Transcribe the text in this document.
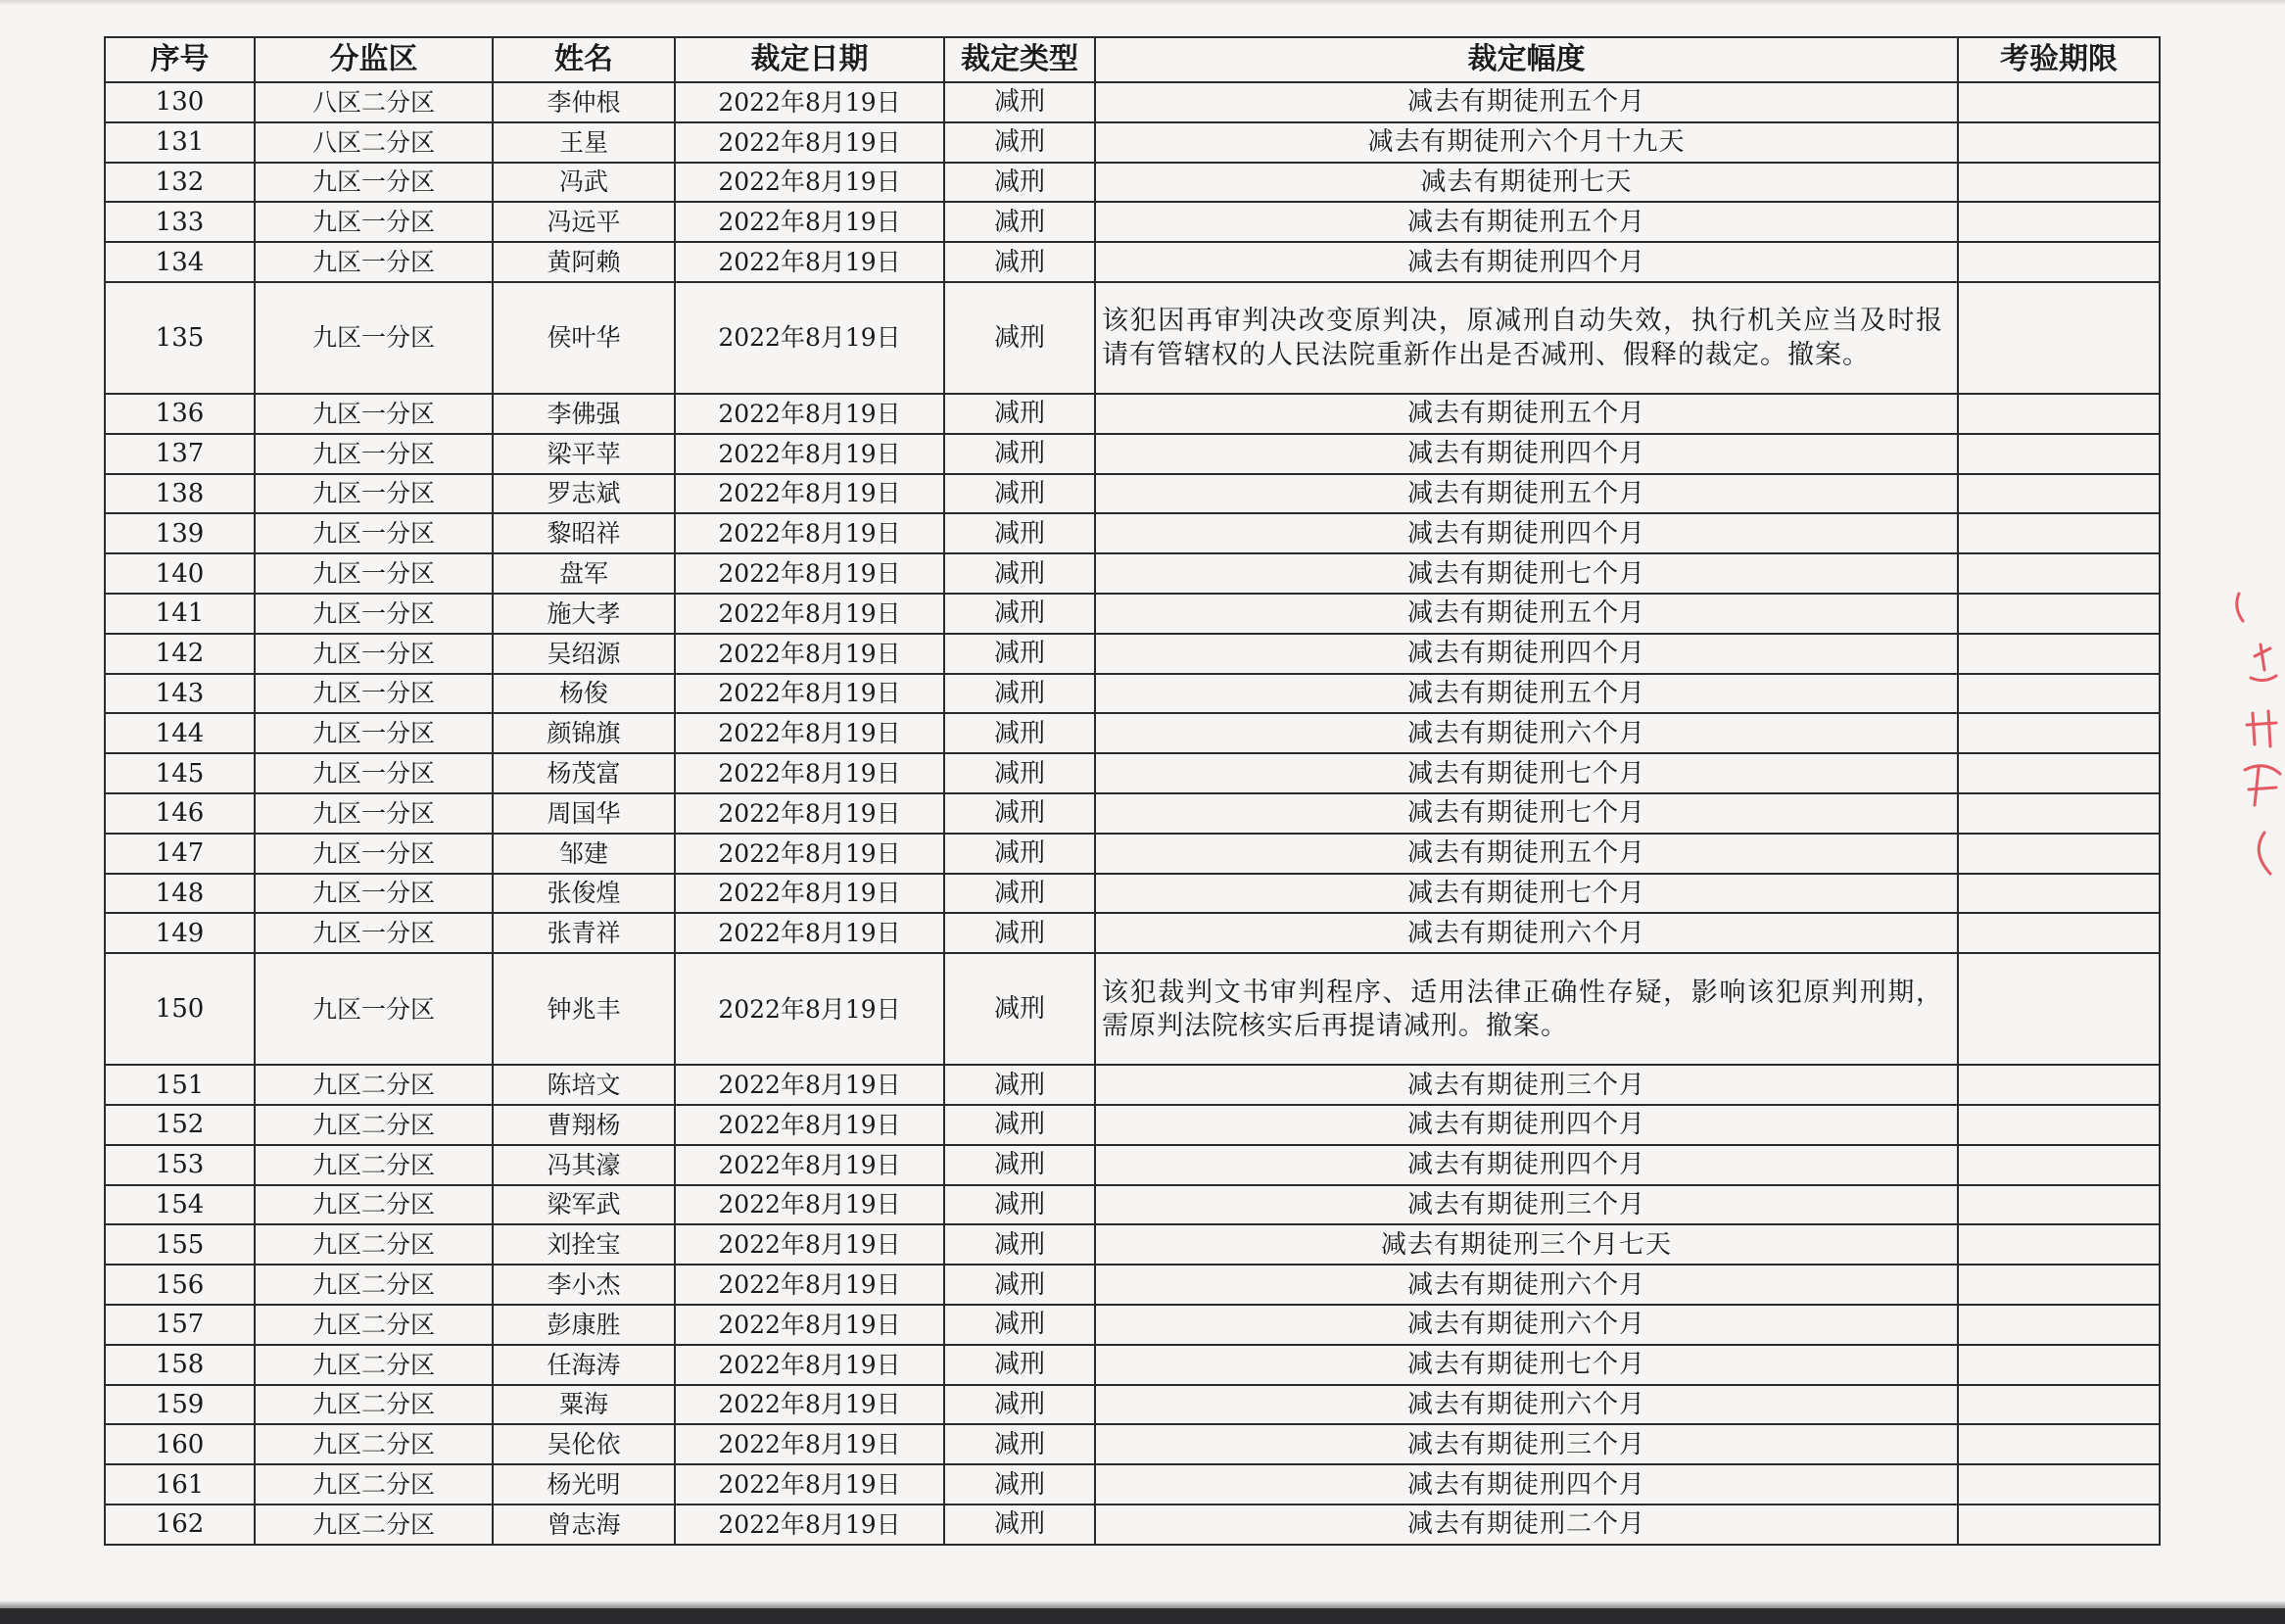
序号	分监区	姓名	裁定日期	裁定类型	裁定幅度	考验期限
130	八区二分区	李仲根	2022年8月19日	减刑	减去有期徒刑五个月	
131	八区二分区	王星	2022年8月19日	减刑	减去有期徒刑六个月十九天	
132	九区一分区	冯武	2022年8月19日	减刑	减去有期徒刑七天	
133	九区一分区	冯远平	2022年8月19日	减刑	减去有期徒刑五个月	
134	九区一分区	黄阿赖	2022年8月19日	减刑	减去有期徒刑四个月	
135	九区一分区	侯叶华	2022年8月19日	减刑	该犯因再审判决改变原判决，原减刑自动失效，执行机关应当及时报请有管辖权的人民法院重新作出是否减刑、假释的裁定。撤案。	
136	九区一分区	李佛强	2022年8月19日	减刑	减去有期徒刑五个月	
137	九区一分区	梁平苹	2022年8月19日	减刑	减去有期徒刑四个月	
138	九区一分区	罗志斌	2022年8月19日	减刑	减去有期徒刑五个月	
139	九区一分区	黎昭祥	2022年8月19日	减刑	减去有期徒刑四个月	
140	九区一分区	盘军	2022年8月19日	减刑	减去有期徒刑七个月	
141	九区一分区	施大孝	2022年8月19日	减刑	减去有期徒刑五个月	
142	九区一分区	吴绍源	2022年8月19日	减刑	减去有期徒刑四个月	
143	九区一分区	杨俊	2022年8月19日	减刑	减去有期徒刑五个月	
144	九区一分区	颜锦旗	2022年8月19日	减刑	减去有期徒刑六个月	
145	九区一分区	杨茂富	2022年8月19日	减刑	减去有期徒刑七个月	
146	九区一分区	周国华	2022年8月19日	减刑	减去有期徒刑七个月	
147	九区一分区	邹建	2022年8月19日	减刑	减去有期徒刑五个月	
148	九区一分区	张俊煌	2022年8月19日	减刑	减去有期徒刑七个月	
149	九区一分区	张青祥	2022年8月19日	减刑	减去有期徒刑六个月	
150	九区一分区	钟兆丰	2022年8月19日	减刑	该犯裁判文书审判程序、适用法律正确性存疑，影响该犯原判刑期，需原判法院核实后再提请减刑。撤案。	
151	九区二分区	陈培文	2022年8月19日	减刑	减去有期徒刑三个月	
152	九区二分区	曹翔杨	2022年8月19日	减刑	减去有期徒刑四个月	
153	九区二分区	冯其濠	2022年8月19日	减刑	减去有期徒刑四个月	
154	九区二分区	梁军武	2022年8月19日	减刑	减去有期徒刑三个月	
155	九区二分区	刘拴宝	2022年8月19日	减刑	减去有期徒刑三个月七天	
156	九区二分区	李小杰	2022年8月19日	减刑	减去有期徒刑六个月	
157	九区二分区	彭康胜	2022年8月19日	减刑	减去有期徒刑六个月	
158	九区二分区	任海涛	2022年8月19日	减刑	减去有期徒刑七个月	
159	九区二分区	粟海	2022年8月19日	减刑	减去有期徒刑六个月	
160	九区二分区	吴伦依	2022年8月19日	减刑	减去有期徒刑三个月	
161	九区二分区	杨光明	2022年8月19日	减刑	减去有期徒刑四个月	
162	九区二分区	曾志海	2022年8月19日	减刑	减去有期徒刑二个月	
